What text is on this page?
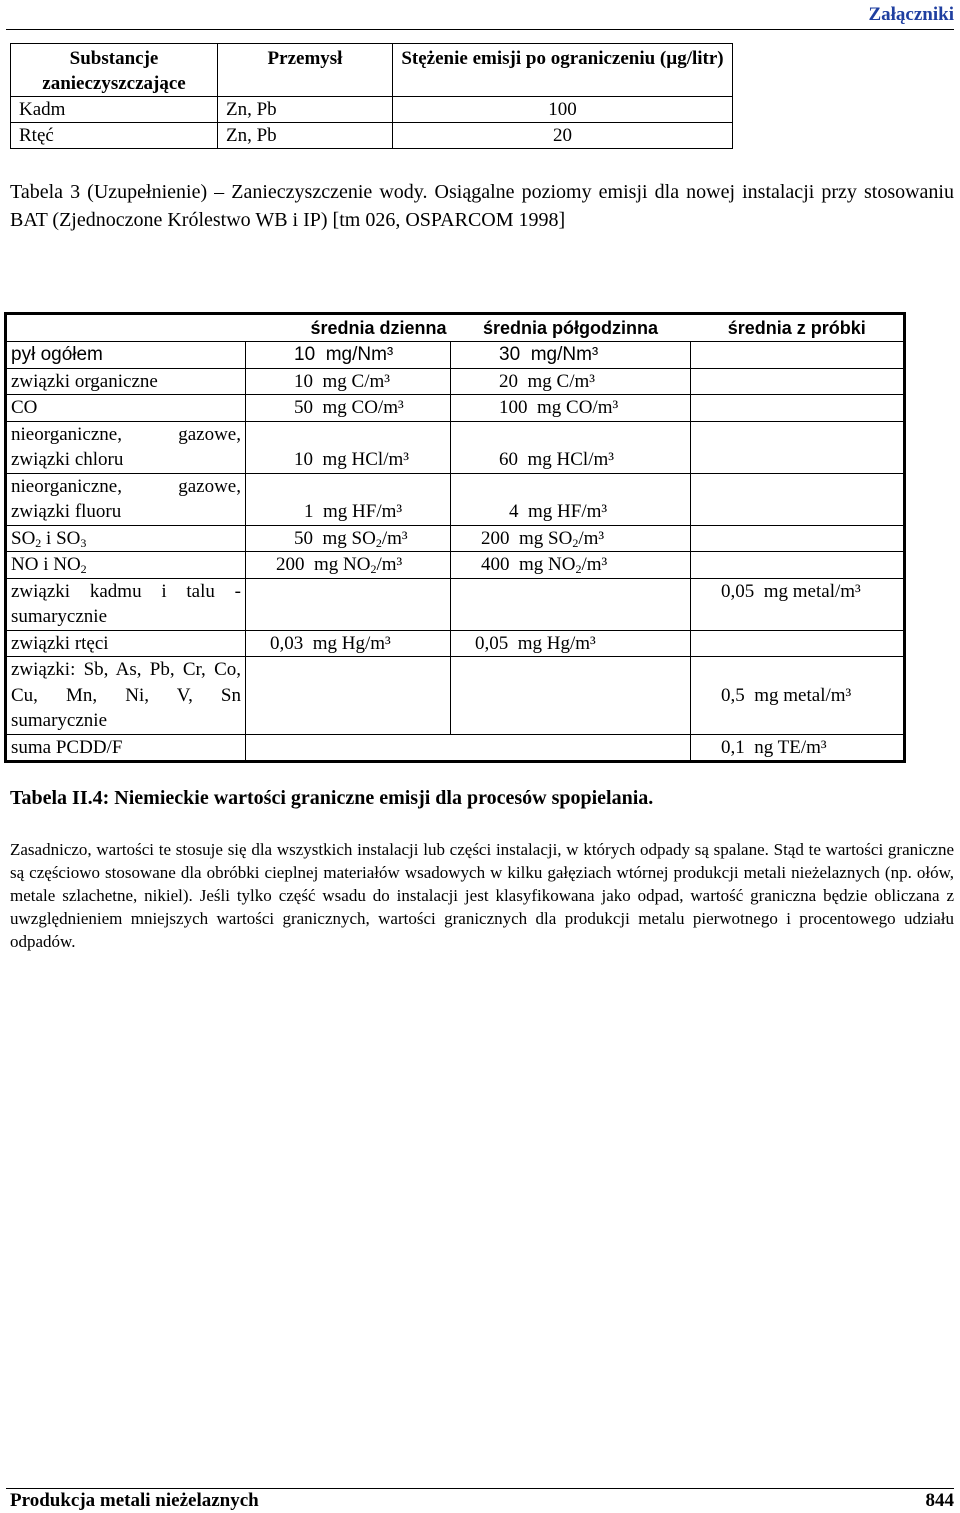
Załączniki
Substancje zanieczyszczające	Przemysł	Stężenie emisji po ograniczeniu (µg/litr)
Kadm	Zn, Pb	100
Rtęć	Zn, Pb	20
Tabela 3 (Uzupełnienie) – Zanieczyszczenie wody. Osiągalne poziomy emisji dla nowej instalacji przy stosowaniu BAT (Zjednoczone Królestwo WB i IP) [tm 026, OSPARCOM 1998]
	średnia dzienna	średnia półgodzinna	średnia z próbki
pył ogółem	10  mg/Nm³	30  mg/Nm³	
związki organiczne	10  mg C/m³	20  mg C/m³	
CO	50  mg CO/m³	100  mg CO/m³	
nieorganiczne, gazowe, związki chloru	10  mg HCl/m³	60  mg HCl/m³	
nieorganiczne, gazowe, związki fluoru	1  mg HF/m³	4  mg HF/m³	
$SO_2$ i $SO_3$	50  mg $SO_2/m^3$	200  mg $SO_2/m^3$	
NO i $NO_2$	200  mg $NO_2/m^3$	400  mg $NO_2/m^3$	
związki kadmu i talu - sumarycznie			0,05  mg metal/m³
związki rtęci	0,03  mg Hg/m³	0,05  mg Hg/m³	
związki: Sb, As, Pb, Cr, Co, Cu, Mn, Ni, V, Sn sumarycznie			0,5  mg metal/m³
suma PCDD/F			0,1  ng TE/m³
Tabela II.4: Niemieckie wartości graniczne emisji dla procesów spopielania.
Zasadniczo, wartości te stosuje się dla wszystkich instalacji lub części instalacji, w których odpady są spalane. Stąd te wartości graniczne są częściowo stosowane dla obróbki cieplnej materiałów wsadowych w kilku gałęziach wtórnej produkcji metali nieżelaznych (np. ołów, metale szlachetne, nikiel). Jeśli tylko część wsadu do instalacji jest klasyfikowana jako odpad, wartość graniczna będzie obliczana z uwzględnieniem mniejszych wartości granicznych, wartości granicznych dla produkcji metalu pierwotnego i procentowego udziału odpadów.
Produkcja metali nieżelaznych	844
